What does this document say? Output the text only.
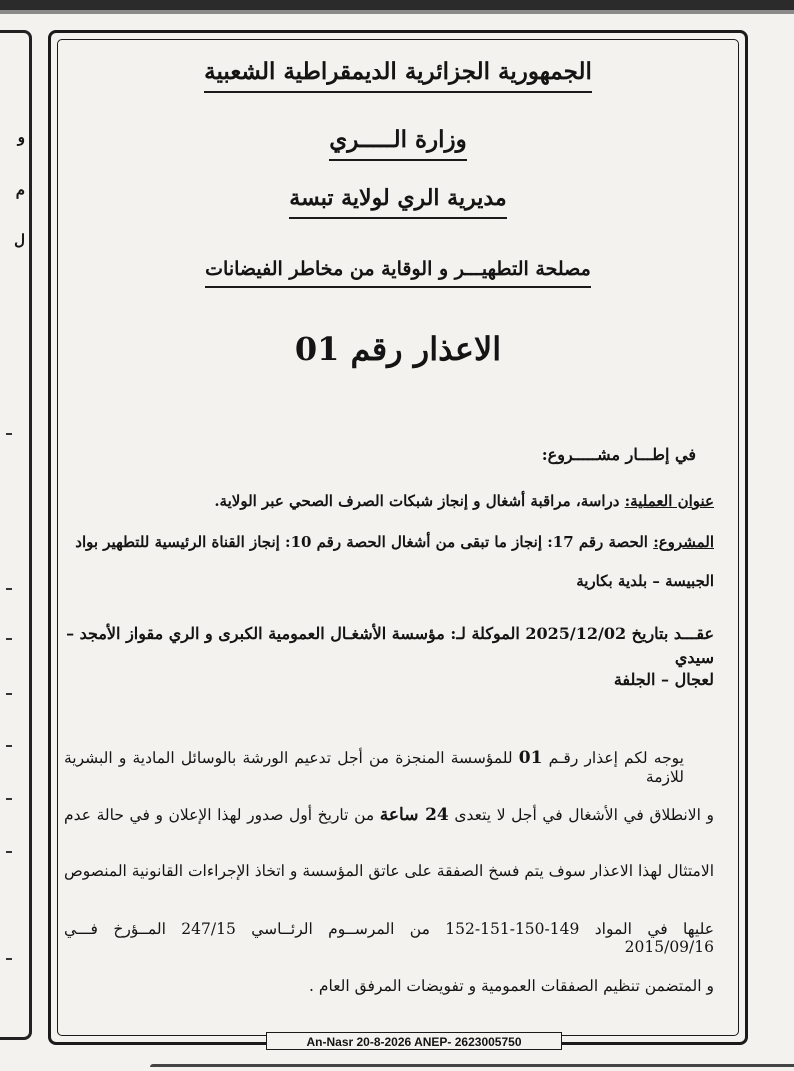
و
م
ل

الجمهورية الجزائرية الديمقراطية الشعبية

وزارة الـــــري

مديرية الري لولاية تبسة

مصلحة التطهيـــر و الوقاية من مخاطر الفيضانات

الاعذار رقم 01

في إطـــار مشـــــروع:

عنوان العملية: دراسة، مراقبة أشغال و إنجاز شبكات الصرف الصحي عبر الولاية.

المشروع: الحصة رقم 17: إنجاز ما تبقى من أشغال الحصة رقم 10: إنجاز القناة الرئيسية للتطهير بواد

الجبيسة – بلدية بكارية

عقـــد بتاريخ 2025/12/02 الموكلة لـ: مؤسسة الأشغـال العمومية الكبرى و الري مقواز الأمجد – سيدي

لعجال – الجلفة

يوجه لكم إعذار رقـم 01 للمؤسسة المنجزة من أجل تدعيم الورشة بالوسائل المادية و البشرية للازمة

و الانطلاق في الأشغال في أجل لا يتعدى 24 ساعة من تاريخ أول صدور لهذا الإعلان و في حالة عدم

الامتثال لهذا الاعذار سوف يتم فسخ الصفقة على عاتق المؤسسة و اتخاذ الإجراءات القانونية المنصوص

عليها في المواد 149-150-151-152 من المرســوم الرئــاسي 247/15 المــؤرخ فـــي 2015/09/16

و المتضمن تنظيم الصفقات العمومية و تفويضات المرفق العام .

An-Nasr 20-8-2026 ANEP- 2623005750
